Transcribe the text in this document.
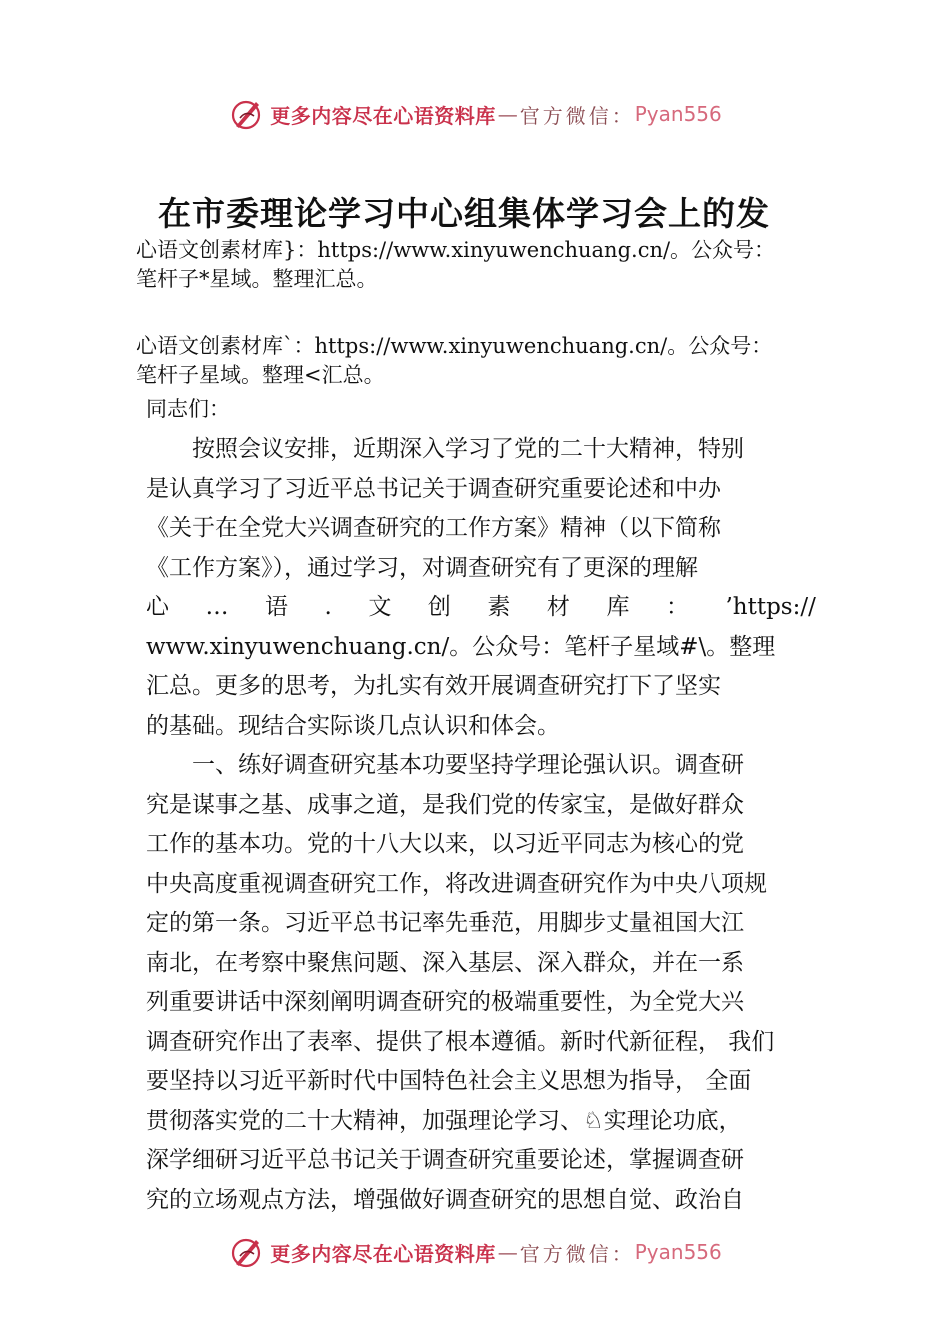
更多内容尽在心语资料库 — 官方微信： Pyan556
在市委理论学习中心组集体学习会上的发

心语文创素材库}：https://www.xinyuwenchuang.cn/。公众号：
笔杆子*星域。整理汇总。

心语文创素材库`：https://www.xinyuwenchuang.cn/。公众号：
笔杆子星域。整理<汇总。

同志们：

　　按照会议安排，近期深入学习了党的二十大精神，特别
是认真学习了习近平总书记关于调查研究重要论述和中办
《关于在全党大兴调查研究的工作方案》精神（以下简称
《工作方案》），通过学习，对调查研究有了更深的理解
心 … 语 . 文 创 素 材 库 ： ’https://
www.xinyuwenchuang.cn/。公众号：笔杆子星域#\。整理
汇总。更多的思考，为扎实有效开展调查研究打下了坚实
的基础。现结合实际谈几点认识和体会。
　　一、练好调查研究基本功要坚持学理论强认识。调查研
究是谋事之基、成事之道，是我们党的传家宝，是做好群众
工作的基本功。党的十八大以来，以习近平同志为核心的党
中央高度重视调查研究工作，将改进调查研究作为中央八项规
定的第一条。习近平总书记率先垂范，用脚步丈量祖国大江
南北，在考察中聚焦问题、深入基层、深入群众，并在一系
列重要讲话中深刻阐明调查研究的极端重要性，为全党大兴
调查研究作出了表率、提供了根本遵循。新时代新征程， 我们
要坚持以习近平新时代中国特色社会主义思想为指导， 全面
贯彻落实党的二十大精神，加强理论学习、♘实理论功底，
深学细研习近平总书记关于调查研究重要论述，掌握调查研
究的立场观点方法，增强做好调查研究的思想自觉、政治自
更多内容尽在心语资料库 — 官方微信： Pyan556
